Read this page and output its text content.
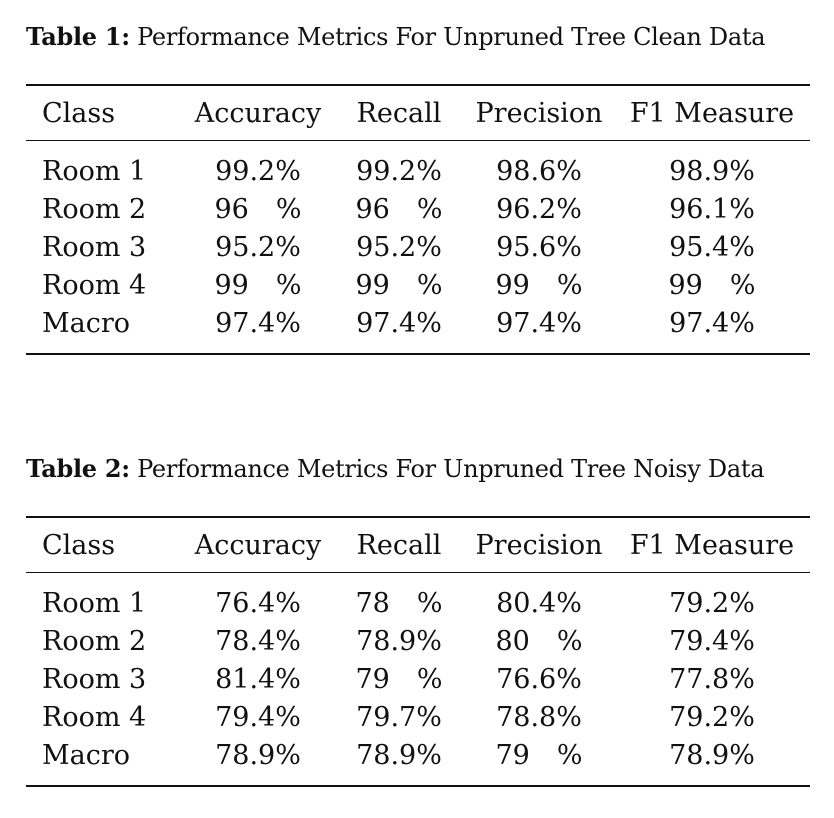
Table 1: Performance Metrics For Unpruned Tree Clean Data
Class	Accuracy	Recall	Precision	F1 Measure
Room 1	99.2%	99.2%	98.6%	98.9%
Room 2	96 %	96 %	96.2%	96.1%
Room 3	95.2%	95.2%	95.6%	95.4%
Room 4	99 %	99 %	99 %	99 %
Macro	97.4%	97.4%	97.4%	97.4%
Table 2: Performance Metrics For Unpruned Tree Noisy Data
Class	Accuracy	Recall	Precision	F1 Measure
Room 1	76.4%	78 %	80.4%	79.2%
Room 2	78.4%	78.9%	80 %	79.4%
Room 3	81.4%	79 %	76.6%	77.8%
Room 4	79.4%	79.7%	78.8%	79.2%
Macro	78.9%	78.9%	79 %	78.9%
